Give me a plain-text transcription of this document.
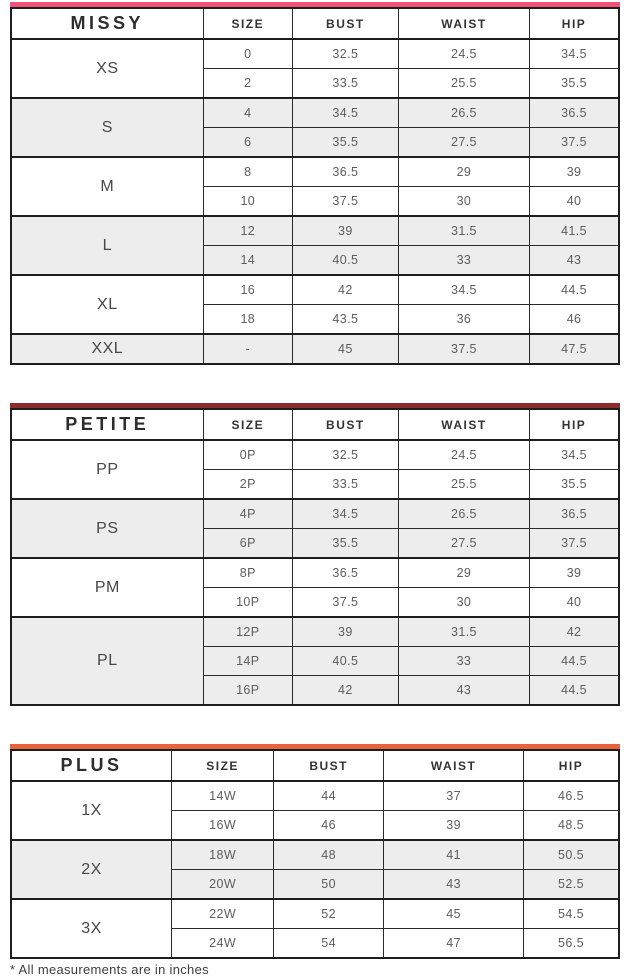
MISSY	SIZE	BUST	WAIST	HIP
XS	0	32.5	24.5	34.5
	2	33.5	25.5	35.5
S	4	34.5	26.5	36.5
	6	35.5	27.5	37.5
M	8	36.5	29	39
	10	37.5	30	40
L	12	39	31.5	41.5
	14	40.5	33	43
XL	16	42	34.5	44.5
	18	43.5	36	46
XXL	-	45	37.5	47.5
PETITE	SIZE	BUST	WAIST	HIP
PP	0P	32.5	24.5	34.5
	2P	33.5	25.5	35.5
PS	4P	34.5	26.5	36.5
	6P	35.5	27.5	37.5
PM	8P	36.5	29	39
	10P	37.5	30	40
PL	12P	39	31.5	42
	14P	40.5	33	44.5
	16P	42	43	44.5
PLUS	SIZE	BUST	WAIST	HIP
1X	14W	44	37	46.5
	16W	46	39	48.5
2X	18W	48	41	50.5
	20W	50	43	52.5
3X	22W	52	45	54.5
	24W	54	47	56.5
* All measurements are in inches
